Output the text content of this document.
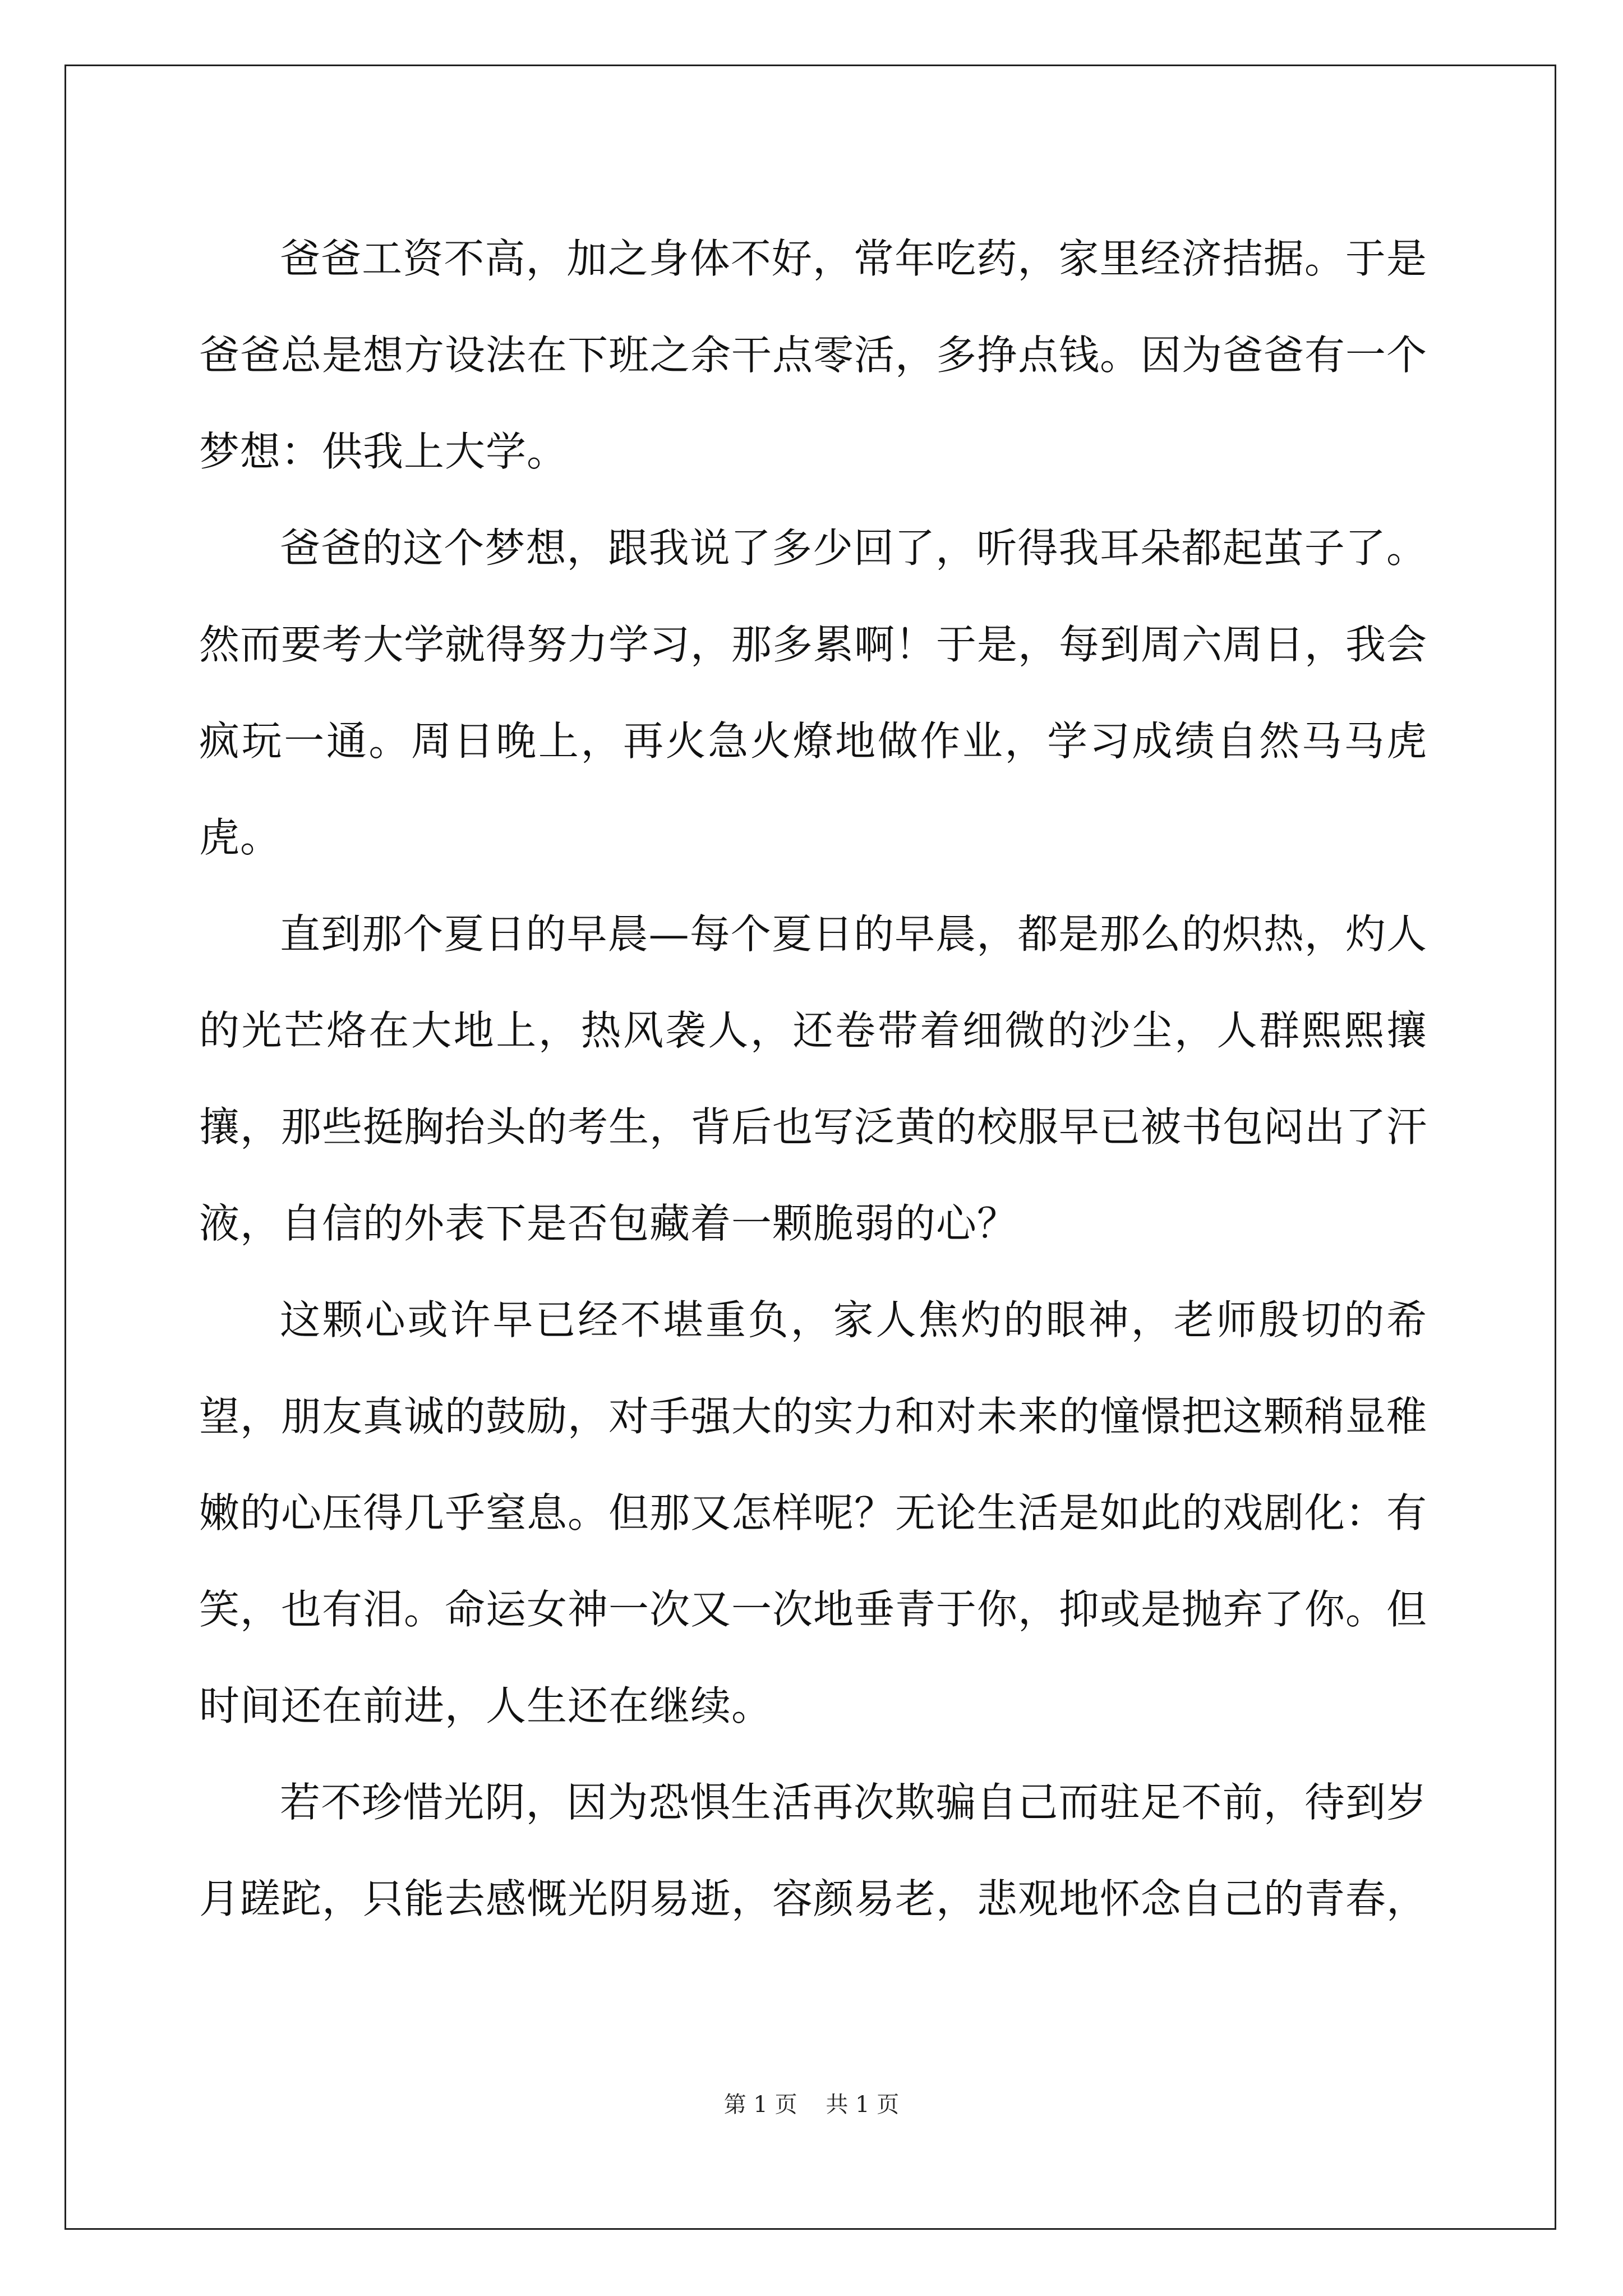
爸爸工资不高，加之身体不好，常年吃药，家里经济拮据。于是爸爸总是想方设法在下班之余干点零活，多挣点钱。因为爸爸有一个梦想：供我上大学。

爸爸的这个梦想，跟我说了多少回了，听得我耳朵都起茧子了。然而要考大学就得努力学习，那多累啊！于是，每到周六周日，我会疯玩一通。周日晚上，再火急火燎地做作业，学习成绩自然马马虎虎。

直到那个夏日的早晨—每个夏日的早晨，都是那么的炽热，灼人的光芒烙在大地上，热风袭人，还卷带着细微的沙尘，人群熙熙攘攘，那些挺胸抬头的考生，背后也写泛黄的校服早已被书包闷出了汗液，自信的外表下是否包藏着一颗脆弱的心？

这颗心或许早已经不堪重负，家人焦灼的眼神，老师殷切的希望，朋友真诚的鼓励，对手强大的实力和对未来的憧憬把这颗稍显稚嫩的心压得几乎窒息。但那又怎样呢？无论生活是如此的戏剧化：有笑，也有泪。命运女神一次又一次地垂青于你，抑或是抛弃了你。但时间还在前进，人生还在继续。

若不珍惜光阴，因为恐惧生活再次欺骗自己而驻足不前，待到岁月蹉跎，只能去感慨光阴易逝，容颜易老，悲观地怀念自己的青春，

第 1 页    共 1 页
